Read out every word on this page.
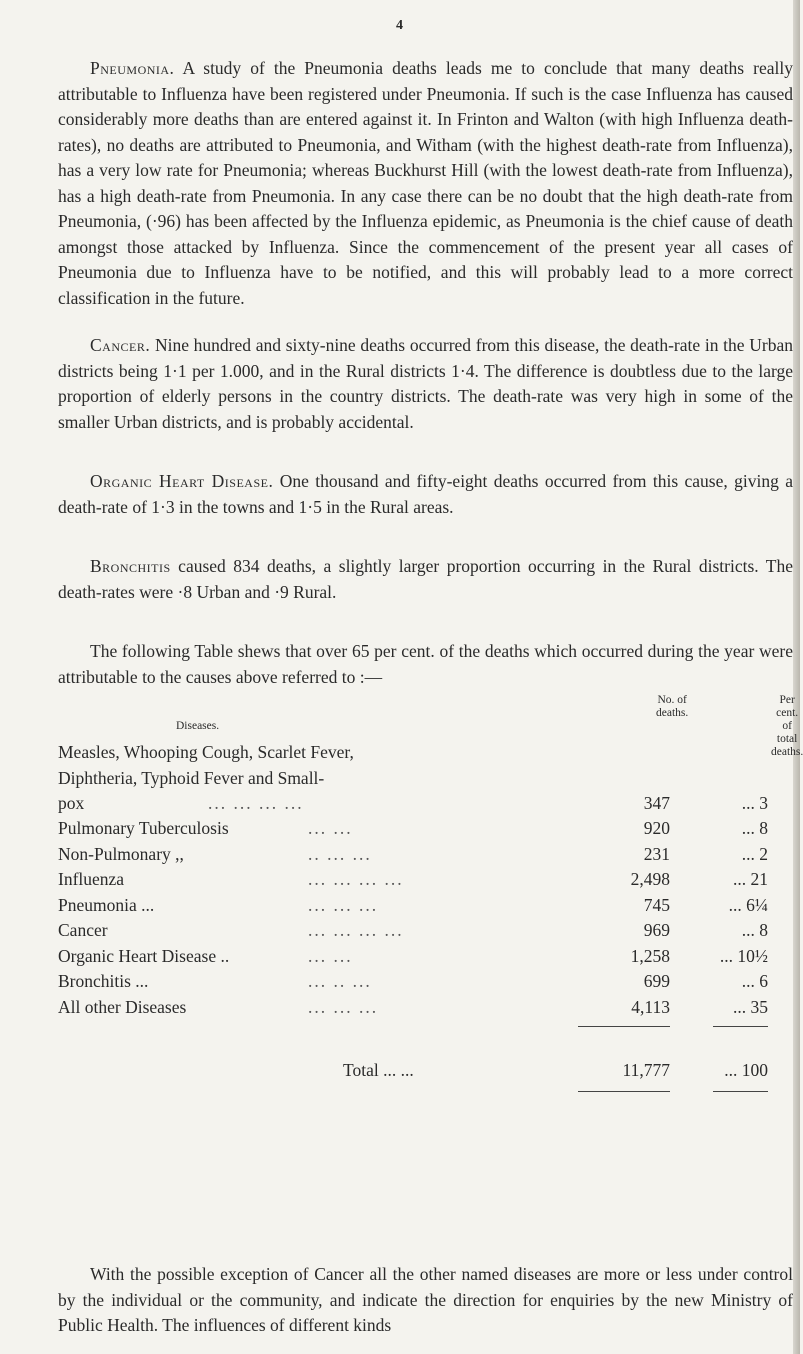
4

Pneumonia. A study of the Pneumonia deaths leads me to conclude that many deaths really attributable to Influenza have been registered under Pneumonia. If such is the case Influenza has caused considerably more deaths than are entered against it. In Frinton and Walton (with high Influenza death-rates), no deaths are attributed to Pneumonia, and Witham (with the highest death-rate from Influenza), has a very low rate for Pneumonia; whereas Buckhurst Hill (with the lowest death-rate from Influenza), has a high death-rate from Pneumonia. In any case there can be no doubt that the high death-rate from Pneumonia, (·96) has been affected by the Influenza epidemic, as Pneumonia is the chief cause of death amongst those attacked by Influenza. Since the commencement of the present year all cases of Pneumonia due to Influenza have to be notified, and this will probably lead to a more correct classification in the future.

Cancer. Nine hundred and sixty-nine deaths occurred from this disease, the death-rate in the Urban districts being 1·1 per 1.000, and in the Rural districts 1·4. The difference is doubtless due to the large proportion of elderly persons in the country districts. The death-rate was very high in some of the smaller Urban districts, and is probably accidental.

Organic Heart Disease. One thousand and fifty-eight deaths occurred from this cause, giving a death-rate of 1·3 in the towns and 1·5 in the Rural areas.

Bronchitis caused 834 deaths, a slightly larger proportion occurring in the Rural districts. The death-rates were ·8 Urban and ·9 Rural.

The following Table shews that over 65 per cent. of the deaths which occurred during the year were attributable to the causes above referred to :—

Diseases.
No. of
deaths.
Per cent. of
total deaths.
Measles, Whooping Cough, Scarlet Fever,
Diphtheria, Typhoid Fever and Small-
pox	... ... ... ...	347	... 3
Pulmonary Tuberculosis	... ...	920	... 8
Non-Pulmonary ,,	.. ... ...	231	... 2
Influenza	... ... ... ...	2,498	... 21
Pneumonia ...	... ... ...	745	... 6¼
Cancer	... ... ... ...	969	... 8
Organic Heart Disease ..	... ...	1,258	... 10½
Bronchitis ...	... .. ...	699	... 6
All other Diseases	... ... ...	4,113	... 35
Total ... ...	11,777	... 100

With the possible exception of Cancer all the other named diseases are more or less under control by the individual or the community, and indicate the direction for enquiries by the new Ministry of Public Health. The influences of different kinds
